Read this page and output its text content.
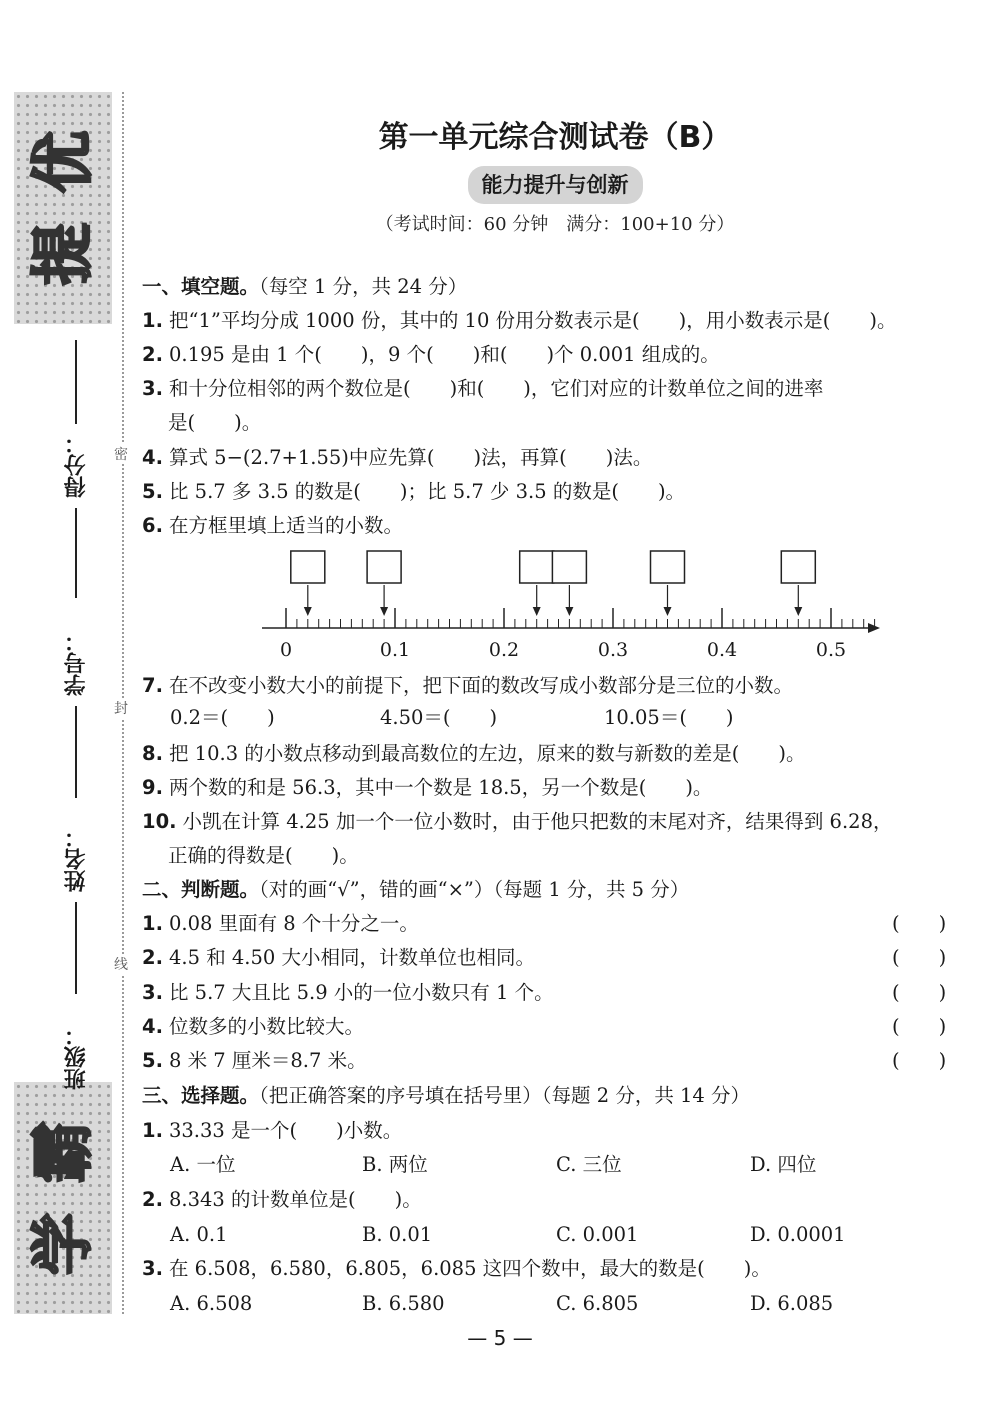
优
提
霸
学
密
封
线
得分：
学号：
姓名：
班级：
第一单元综合测试卷（B）
能力提升与创新
（考试时间：60 分钟　满分：100+10 分）
一、填空题。（每空 1 分，共 24 分）
1. 把“1”平均分成 1000 份，其中的 10 份用分数表示是(　　)，用小数表示是(　　)。
2. 0.195 是由 1 个(　　)，9 个(　　)和(　　)个 0.001 组成的。
3. 和十分位相邻的两个数位是(　　)和(　　)，它们对应的计数单位之间的进率
是(　　)。
4. 算式 5−(2.7+1.55)中应先算(　　)法，再算(　　)法。
5. 比 5.7 多 3.5 的数是(　　)；比 5.7 少 3.5 的数是(　　)。
6. 在方框里填上适当的小数。
0	0.1	0.2	0.3	0.4	0.5
7. 在不改变小数大小的前提下，把下面的数改写成小数部分是三位的小数。
0.2＝(　　)	4.50＝(　　)	10.05＝(　　)
8. 把 10.3 的小数点移动到最高数位的左边，原来的数与新数的差是(　　)。
9. 两个数的和是 56.3，其中一个数是 18.5，另一个数是(　　)。
10. 小凯在计算 4.25 加一个一位小数时，由于他只把数的末尾对齐，结果得到 6.28，
正确的得数是(　　)。
二、判断题。（对的画“√”，错的画“×”）（每题 1 分，共 5 分）
1. 0.08 里面有 8 个十分之一。	(　　)
2. 4.5 和 4.50 大小相同，计数单位也相同。	(　　)
3. 比 5.7 大且比 5.9 小的一位小数只有 1 个。	(　　)
4. 位数多的小数比较大。	(　　)
5. 8 米 7 厘米＝8.7 米。	(　　)
三、选择题。（把正确答案的序号填在括号里）（每题 2 分，共 14 分）
1. 33.33 是一个(　　)小数。
A. 一位	B. 两位	C. 三位	D. 四位
2. 8.343 的计数单位是(　　)。
A. 0.1	B. 0.01	C. 0.001	D. 0.0001
3. 在 6.508，6.580，6.805，6.085 这四个数中，最大的数是(　　)。
A. 6.508	B. 6.580	C. 6.805	D. 6.085
— 5 —
